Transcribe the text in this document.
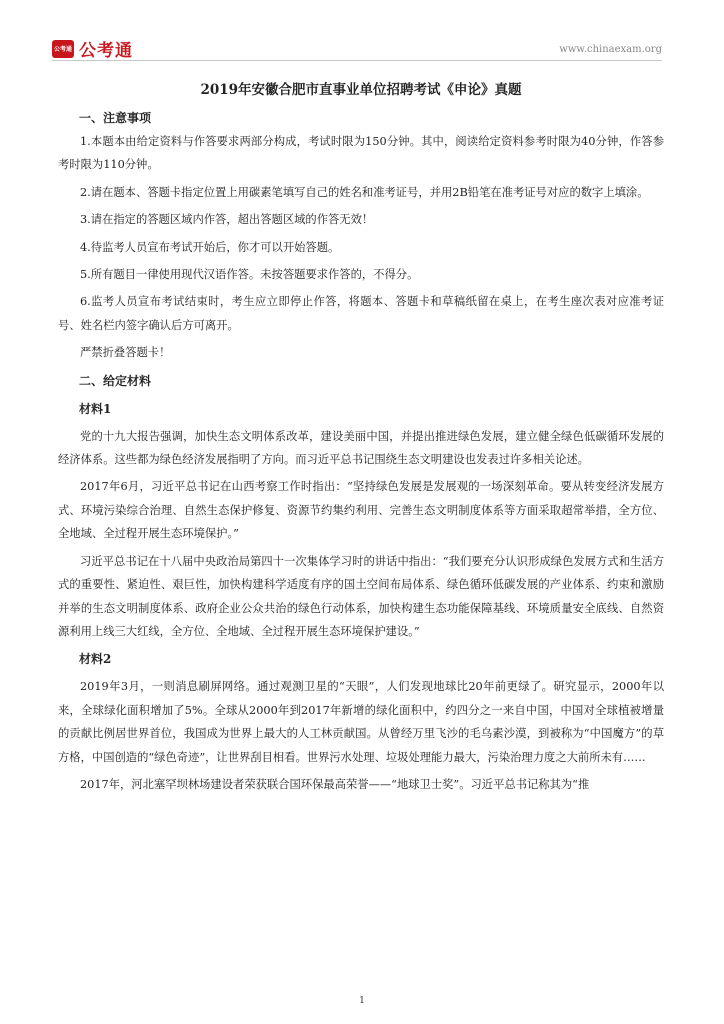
公考通 公考通	www.chinaexam.org
2019年安徽合肥市直事业单位招聘考试《申论》真题
一、注意事项

1.本题本由给定资料与作答要求两部分构成，考试时限为150分钟。其中，阅读给定资料参考时限为40分钟，作答参考时限为110分钟。

2.请在题本、答题卡指定位置上用碳素笔填写自己的姓名和准考证号，并用2B铅笔在准考证号对应的数字上填涂。

3.请在指定的答题区域内作答，超出答题区域的作答无效！

4.待监考人员宣布考试开始后，你才可以开始答题。

5.所有题目一律使用现代汉语作答。未按答题要求作答的，不得分。

6.监考人员宣布考试结束时，考生应立即停止作答，将题本、答题卡和草稿纸留在桌上，在考生座次表对应准考证号、姓名栏内签字确认后方可离开。

严禁折叠答题卡！

二、给定材料
材料1

党的十九大报告强调，加快生态文明体系改革，建设美丽中国，并提出推进绿色发展，建立健全绿色低碳循环发展的经济体系。这些都为绿色经济发展指明了方向。而习近平总书记围绕生态文明建设也发表过许多相关论述。

2017年6月，习近平总书记在山西考察工作时指出：“坚持绿色发展是发展观的一场深刻革命。要从转变经济发展方式、环境污染综合治理、自然生态保护修复、资源节约集约利用、完善生态文明制度体系等方面采取超常举措，全方位、全地域、全过程开展生态环境保护。”

习近平总书记在十八届中央政治局第四十一次集体学习时的讲话中指出：“我们要充分认识形成绿色发展方式和生活方式的重要性、紧迫性、艰巨性，加快构建科学适度有序的国土空间布局体系、绿色循环低碳发展的产业体系、约束和激励并举的生态文明制度体系、政府企业公众共治的绿色行动体系，加快构建生态功能保障基线、环境质量安全底线、自然资源利用上线三大红线，全方位、全地域、全过程开展生态环境保护建设。”

材料2

2019年3月，一则消息刷屏网络。通过观测卫星的“天眼”，人们发现地球比20年前更绿了。研究显示，2000年以来，全球绿化面积增加了5%。全球从2000年到2017年新增的绿化面积中，约四分之一来自中国，中国对全球植被增量的贡献比例居世界首位，我国成为世界上最大的人工林贡献国。从曾经万里飞沙的毛乌素沙漠，到被称为“中国魔方”的草方格，中国创造的“绿色奇迹”，让世界刮目相看。世界污水处理、垃圾处理能力最大，污染治理力度之大前所未有……

2017年，河北塞罕坝林场建设者荣获联合国环保最高荣誉——“地球卫士奖”。习近平总书记称其为“推

1
